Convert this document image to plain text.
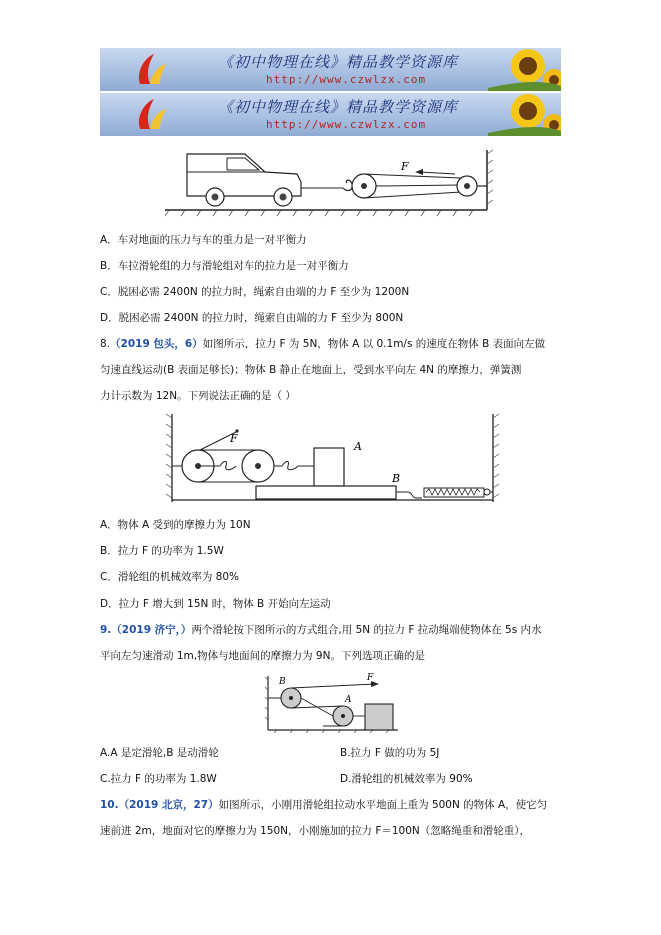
《初中物理在线》精品教学资源库
http://www.czwlzx.com
《初中物理在线》精品教学资源库
http://www.czwlzx.com
F
A．车对地面的压力与车的重力是一对平衡力
B．车拉滑轮组的力与滑轮组对车的拉力是一对平衡力
C．脱困必需 2400N 的拉力时，绳索自由端的力 F 至少为 1200N
D．脱困必需 2400N 的拉力时，绳索自由端的力 F 至少为 800N
8.（2019 包头，6）如图所示，拉力 F 为 5N，物体 A 以 0.1m/s 的速度在物体 B 表面向左做
匀速直线运动(B 表面足够长)；物体 B 静止在地面上，受到水平向左 4N 的摩擦力，弹簧测
力计示数为 12N。下列说法正确的是（ ）
F
A
B
A．物体 A 受到的摩擦力为 10N
B．拉力 F 的功率为 1.5W
C．滑轮组的机械效率为 80%
D．拉力 F 增大到 15N 时，物体 B 开始向左运动
9.（2019 济宁，）两个滑轮按下图所示的方式组合,用 5N 的拉力 F 拉动绳端使物体在 5s 内水
平向左匀速滑动 1m,物体与地面间的摩擦力为 9N。下列选项正确的是
B
A
F
A.A 是定滑轮,B 是动滑轮	B.拉力 F 做的功为 5J
C.拉力 F 的功率为 1.8W	D.滑轮组的机械效率为 90%
10.（2019 北京，27）如图所示，小刚用滑轮组拉动水平地面上重为 500N 的物体 A，使它匀
速前进 2m，地面对它的摩擦力为 150N，小刚施加的拉力 F＝100N（忽略绳重和滑轮重），
